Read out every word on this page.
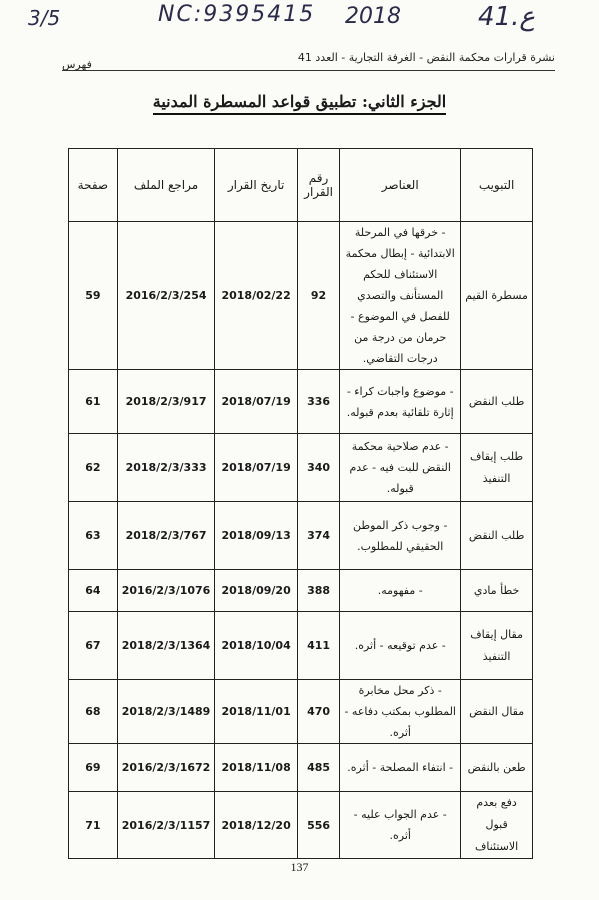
3/5	NC:9395415 2018	ع.41
نشرة قرارات محكمة النقض - الغرفة التجارية - العدد 41
فهرس
الجزء الثاني: تطبيق قواعد المسطرة المدنية
التبويب	العناصر	رقم القرار	تاريخ القرار	مراجع الملف	صفحة
مسطرة القيم	- خرقها في المرحلة الابتدائية - إبطال محكمة الاستئناف للحكم المستأنف والتصدي للفصل في الموضوع - حرمان من درجة من درجات التقاضي.	92	2018/02/22	2016/2/3/254	59
طلب النقض	- موضوع واجبات كراء - إثارة تلقائية بعدم قبوله.	336	2018/07/19	2018/2/3/917	61
طلب إيقاف التنفيذ	- عدم صلاحية محكمة النقض للبت فيه - عدم قبوله.	340	2018/07/19	2018/2/3/333	62
طلب النقض	- وجوب ذكر الموطن الحقيقي للمطلوب.	374	2018/09/13	2018/2/3/767	63
خطأ مادي	- مفهومه.	388	2018/09/20	2016/2/3/1076	64
مقال إيقاف التنفيذ	- عدم توقيعه - أثره.	411	2018/10/04	2018/2/3/1364	67
مقال النقض	- ذكر محل مخابرة المطلوب بمكتب دفاعه - أثره.	470	2018/11/01	2018/2/3/1489	68
طعن بالنقض	- انتفاء المصلحة - أثره.	485	2018/11/08	2016/2/3/1672	69
دفع بعدم قبول الاستئناف	- عدم الجواب عليه - أثره.	556	2018/12/20	2016/2/3/1157	71
137
